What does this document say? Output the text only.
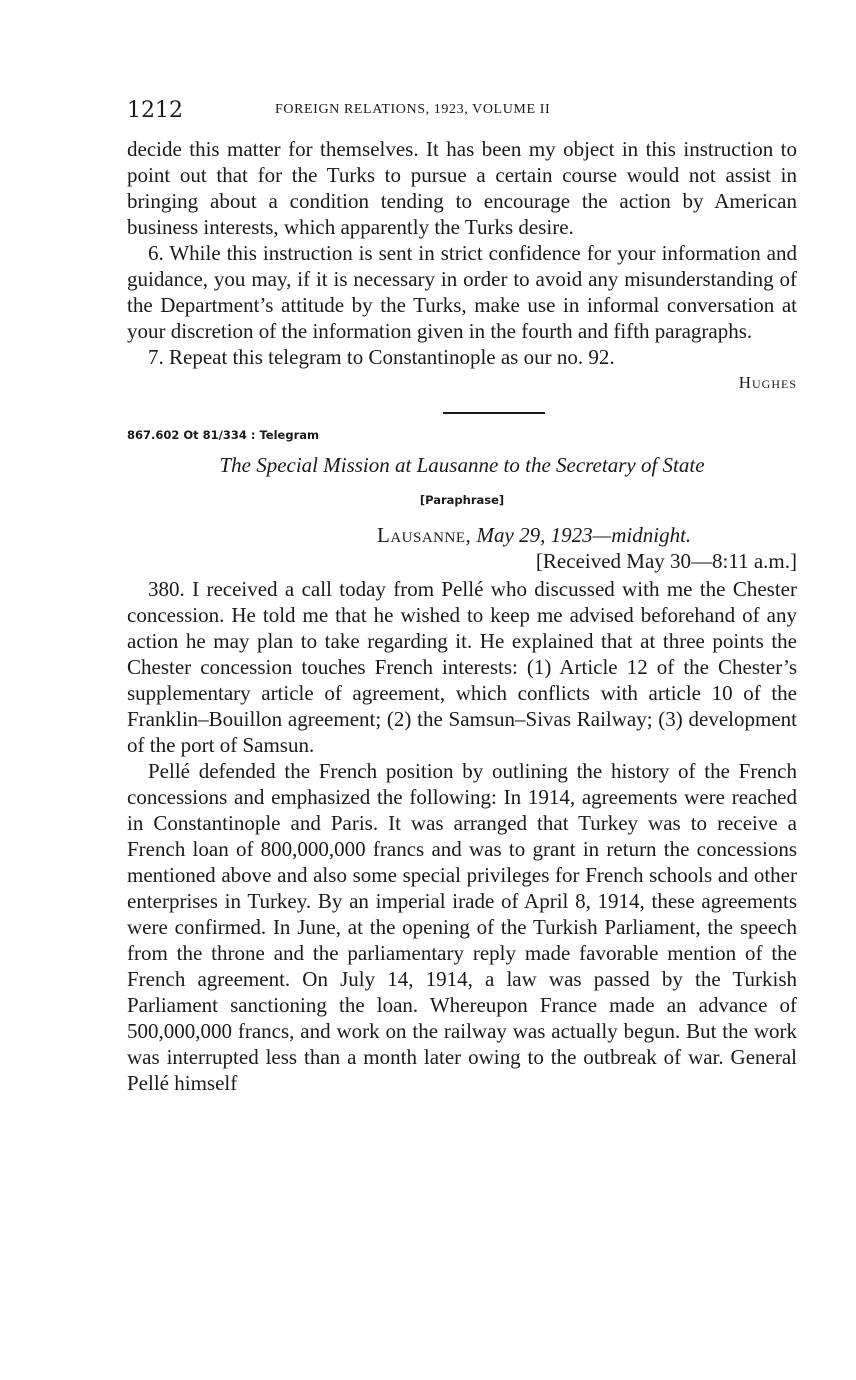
1212	FOREIGN RELATIONS, 1923, VOLUME II

decide this matter for themselves. It has been my object in this instruction to point out that for the Turks to pursue a certain course would not assist in bringing about a condition tending to encourage the action by American business interests, which apparently the Turks desire.

6. While this instruction is sent in strict confidence for your information and guidance, you may, if it is necessary in order to avoid any misunderstanding of the Department’s attitude by the Turks, make use in informal conversation at your discretion of the information given in the fourth and fifth paragraphs.

7. Repeat this telegram to Constantinople as our no. 92.

Hughes

867.602 Ot 81/334 : Telegram

The Special Mission at Lausanne to the Secretary of State

[Paraphrase]

Lausanne, May 29, 1923—midnight.
[Received May 30—8:11 a.m.]

380. I received a call today from Pellé who discussed with me the Chester concession. He told me that he wished to keep me advised beforehand of any action he may plan to take regarding it. He explained that at three points the Chester concession touches French interests: (1) Article 12 of the Chester’s supplementary article of agreement, which conflicts with article 10 of the Franklin–Bouillon agreement; (2) the Samsun–Sivas Railway; (3) development of the port of Samsun.

Pellé defended the French position by outlining the history of the French concessions and emphasized the following: In 1914, agreements were reached in Constantinople and Paris. It was arranged that Turkey was to receive a French loan of 800,000,000 francs and was to grant in return the concessions mentioned above and also some special privileges for French schools and other enterprises in Turkey. By an imperial irade of April 8, 1914, these agreements were confirmed. In June, at the opening of the Turkish Parliament, the speech from the throne and the parliamentary reply made favorable mention of the French agreement. On July 14, 1914, a law was passed by the Turkish Parliament sanctioning the loan. Whereupon France made an advance of 500,000,000 francs, and work on the railway was actually begun. But the work was interrupted less than a month later owing to the outbreak of war. General Pellé himself
